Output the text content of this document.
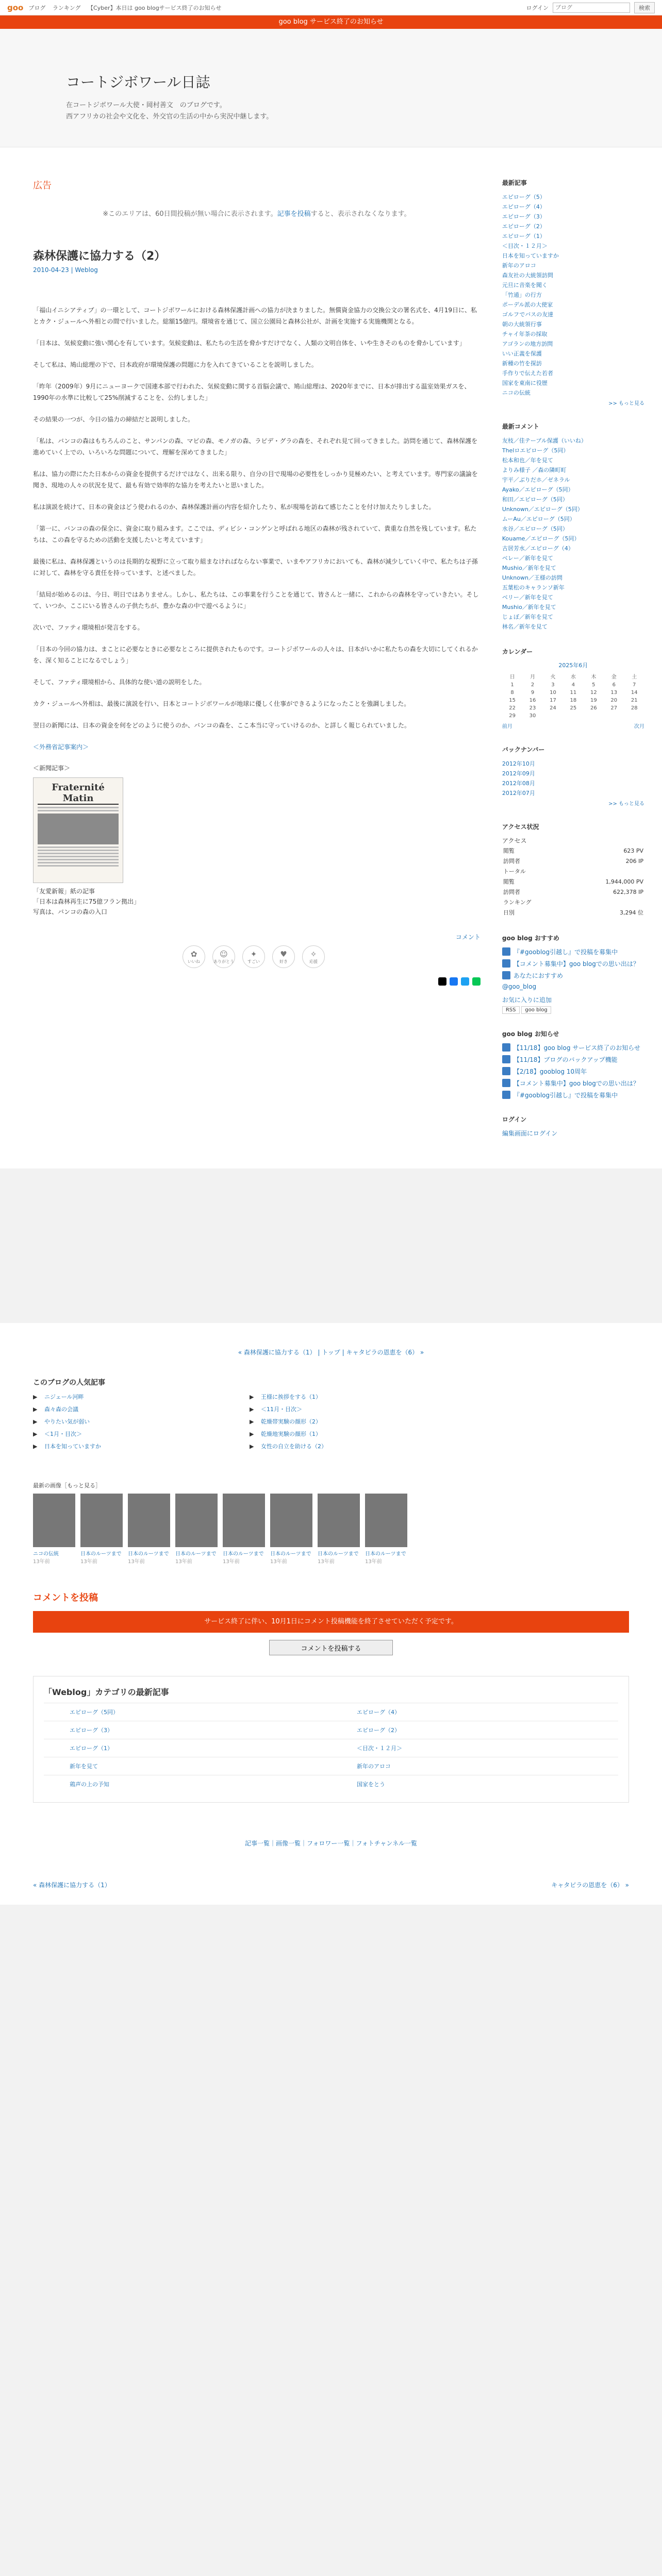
goo ブログ ランキング 【Cyber】本日は goo blogサービス終了のお知らせ	ログイン
ブログ	検索
goo blog サービス終了のお知らせ
コートジボワール日誌

在コートジボワール大使・岡村善文　のブログです。

西アフリカの社会や文化を、外交官の生活の中から実況中継します。

広告
※このエリアは、60日間投稿が無い場合に表示されます。記事を投稿すると、表示されなくなります。
森林保護に協力する（2）
2010-04-23 | Weblog

「福山イニシアティブ」の一環として、コートジボワールにおける森林保護計画への協力が決まりました。無償資金協力の交換公文の署名式を、4月19日に、私とカク・ジュールへ外相との間で行いました。総額15億円。環境省を通じて、国立公園局と森林公社が、計画を実施する実施機関となる。

「日本は、気候変動に強い関心を有しています。気候変動は、私たちの生活を脅かすだけでなく、人類の文明自体を、いや生きそのものを脅かしています」

そして私は、鳩山総理の下で、日本政府が環境保護の問題に力を入れてきていることを説明しました。

「昨年（2009年）9月にニューヨークで国連本部で行われた、気候変動に関する首脳会議で、鳩山総理は、2020年までに、日本が排出する温室効果ガスを、1990年の水準に比較して25%削減することを、公約しました」

その結果の一つが、今日の協力の締結だと説明しました。

「私は、バンコの森はもちろんのこと、サンパンの森、マビの森、モノガの森、ラピデ・グラの森を、それぞれ見て回ってきました。訪問を通じて、森林保護を進めていく上での、いろいろな問題について、理解を深めてきました」

私は、協力の際にたた日本からの資金を提供するだけではなく、出来る限り、自分の目で現場の必要性をしっかり見極めたい、と考えています。専門家の議論を聞き、現地の人々の状況を見て、最も有効で効率的な協力を考えたいと思いました。

私は演説を続けて、日本の資金はどう使われるのか、森林保護計画の内容を紹介したり、私が現場を訪ねて感じたことを付け加えたりしました。

「第一に、バンコの森の保全に、資金に取り組みます。ここでは、ディビシ・コンゲンと呼ばれる地区の森林が残されていて、貴重な自然を残しています。私たちは、この森を守るための活動を支援したいと考えています」

最後に私は、森林保護というのは長期的な視野に立って取り組まなければならない事業で、いまやアフリカにおいても、森林が減少していく中で、私たちは子孫に対して、森林を守る責任を持っています、と述べました。

「結局が始めるのは、今日、明日ではありません。しかし、私たちは、この事業を行うことを通じて、皆さんと一緒に、これからの森林を守っていきたい。そして、いつか、ここにいる皆さんの子供たちが、豊かな森の中で遊べるように」

次いで、ファティ環境相が発言をする。

「日本の今回の協力は、まことに必要なときに必要なところに提供されたものです。コートジボワールの人々は、日本がいかに私たちの森を大切にしてくれるかを、深く知ることになるでしょう」

そして、ファティ環境相から、具体的な使い道の説明をした。

カク・ジュールへ外相は、最後に演説を行い、日本とコートジボワールが地球に優しく仕事ができるようになったことを強調しました。

翌日の新聞には、日本の資金を何をどのように使うのか、バンコの森を、ここ本当に守っていけるのか、と詳しく報じられていました。

＜外務省記事案内＞

＜新聞記事＞
Fraternité Matin
「友愛新報」紙の記事
「日本は森林再生に75億フラン拠出」
写真は、バンコの森の入口
コメント
✿
いいね
☺
ありがとう
✦
すごい
♥
好き
✧
応援
最新記事
エピローグ（5）
エピローグ（4）
エピローグ（3）
エピローグ（2）
エピローグ（1）
＜目次・１２月＞
日本を知っていますか
新年のアロコ
森友社の大統領訪問
元旦に音楽を聞く
「竹通」の行方
ポーデル派の大使家
ゴルフでバスの友達
朝の大統領行事
チャイ年茶の採取
アゴランの地方訪問
いい正義を保護
新種の竹を探訪
手作りで伝えた若者
国家を東南に役歴
ニコの伝統
>> もっと見る
最新コメント
友枝／佳テーブル保護（いいね）
Thelロエピローグ（5同）
松本和也／年を見て
よりみ様子 ／森の隣町町
宇平／ぶりだホ／ゼネラル
Ayako／エピローグ（5同）
和田／エピローグ（5同）
Unknown／エピローグ（5同）
ムーAu／エピローグ（5同）
水谷／エピローグ（5同）
Kouame／エピローグ（5同）
古居芳水／エピローグ（4）
ベレー／新年を見て
Mushio／新年を見て
Unknown／王様の訪問
五葉松のキャランソ新年
ベリー／新年を見て
Mushio／新年を見て
じょぼ／新年を見て
林名／新年を見て
カレンダー
2025年6月
日	月	火	水	木	金	土
1	2	3	4	5	6	7
8	9	10	11	12	13	14
15	16	17	18	19	20	21
22	23	24	25	26	27	28
29	30					
前月	次月
バックナンバー
2012年10月
2012年09月
2012年08月
2012年07月
>> もっと見る
アクセス状況
アクセス
閲覧	623 PV
訪問者	206 IP
トータル	
閲覧	1,944,000 PV
訪問者	622,378 IP
ランキング	
日別	3,294 位
goo blog おすすめ
『#gooblog引越し』で投稿を募集中
【コメント募集中】goo blogでの思い出は？
あなたにおすすめ
@goo_blog
お気に入りに追加
RSS goo blog
goo blog お知らせ
【11/18】goo blog サービス終了のお知らせ
【11/18】ブログのバックアップ機能
【2/18】gooblog 10周年
【コメント募集中】goo blogでの思い出は？
『#gooblog引越し』で投稿を募集中
ログイン
編集画面にログイン
« 森林保護に協力する（1） | トップ | キャタピラの恩恵を（6） »
このブログの人気記事
▶ ニジェール河畔	▶ 王様に挨拶をする（1）
▶ 森々森の会議	▶ ＜11月・目次＞
▶ やりたい気が弱い	▶ 乾燥帯実験の顔形（2）
▶ ＜1月・目次＞	▶ 乾燥地実験の顔形（1）
▶ 日本を知っていますか	▶ 女性の自立を助ける（2）
最新の画像［もっと見る］
ニコの伝統
13年前
日本のルーツまで
13年前
日本のルーツまで
13年前
日本のルーツまで
13年前
日本のルーツまで
13年前
日本のルーツまで
13年前
日本のルーツまで
13年前
日本のルーツまで
13年前
コメントを投稿
サービス終了に伴い、10月1日にコメント投稿機能を終了させていただく予定です。
コメントを投稿する
「Weblog」カテゴリの最新記事
エピローグ（5同）	エピローグ（4）
エピローグ（3）	エピローグ（2）
エピローグ（1）	＜目次・１２月＞
新年を見て	新年のアロコ
鶏声の上の予知	国家をとう
記事一覧｜画像一覧｜フォロワー一覧｜フォトチャンネル一覧
« 森林保護に協力する（1）	キャタピラの恩恵を（6） »
